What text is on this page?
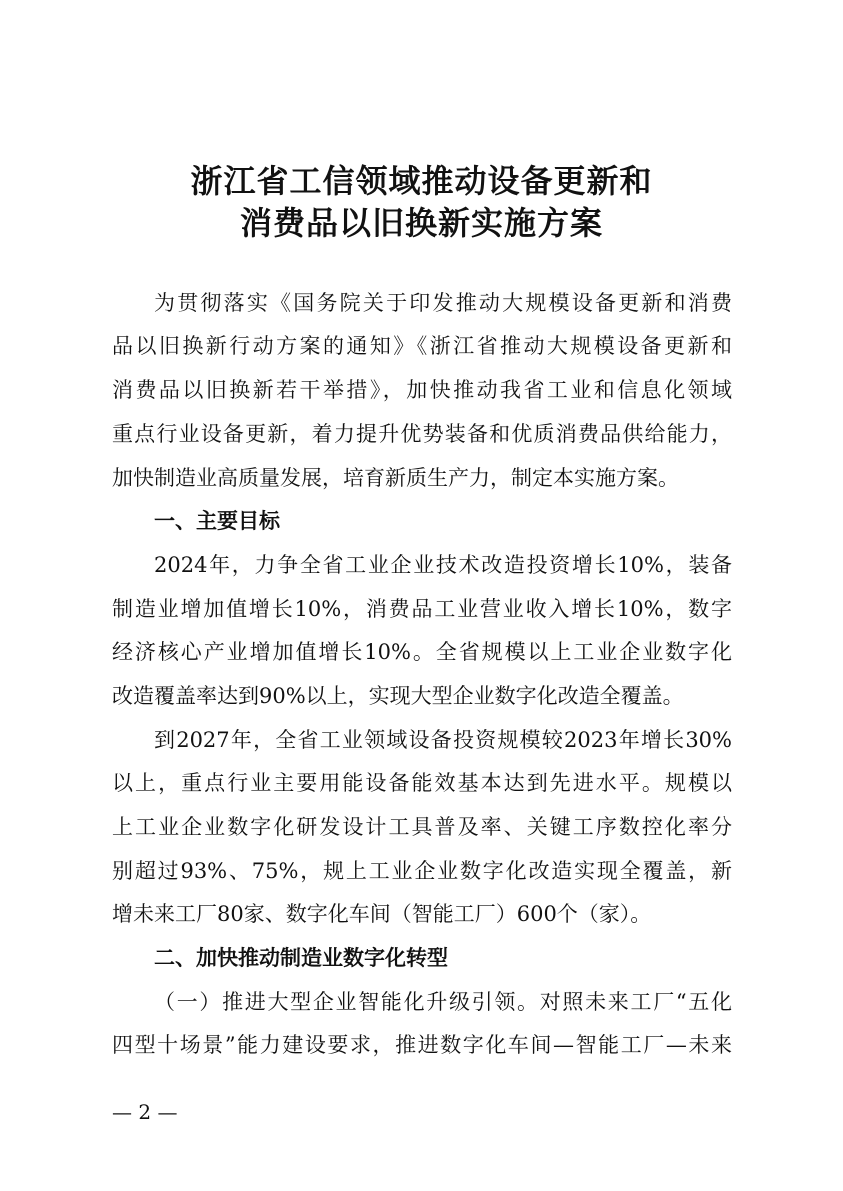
浙江省工信领域推动设备更新和
消费品以旧换新实施方案
为贯彻落实《国务院关于印发推动大规模设备更新和消费
品以旧换新行动方案的通知》《浙江省推动大规模设备更新和
消费品以旧换新若干举措》，加快推动我省工业和信息化领域
重点行业设备更新，着力提升优势装备和优质消费品供给能力，
加快制造业高质量发展，培育新质生产力，制定本实施方案。
一、主要目标
2024年，力争全省工业企业技术改造投资增长10%，装备
制造业增加值增长10%，消费品工业营业收入增长10%，数字
经济核心产业增加值增长10%。全省规模以上工业企业数字化
改造覆盖率达到90%以上，实现大型企业数字化改造全覆盖。
到2027年，全省工业领域设备投资规模较2023年增长30%
以上，重点行业主要用能设备能效基本达到先进水平。规模以
上工业企业数字化研发设计工具普及率、关键工序数控化率分
别超过93%、75%，规上工业企业数字化改造实现全覆盖，新
增未来工厂80家、数字化车间（智能工厂）600个（家）。
二、加快推动制造业数字化转型
（一）推进大型企业智能化升级引领。对照未来工厂“五化
四型十场景”能力建设要求，推进数字化车间—智能工厂—未来
— 2 —
